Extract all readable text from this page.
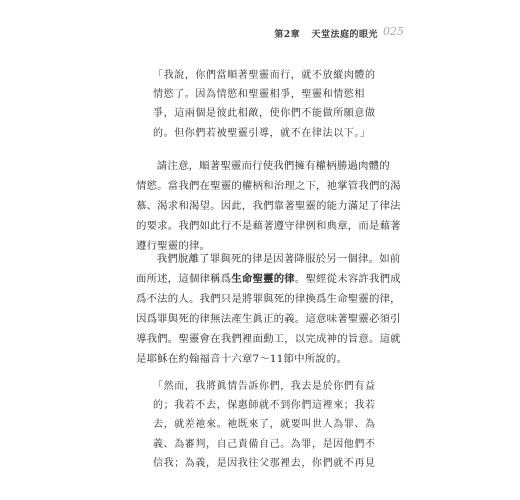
第2章 天堂法庭的眼光 025
「我說，你們當順著聖靈而行，就不放縱肉體的
情慾了。因為情慾和聖靈相爭，聖靈和情慾相
爭，這兩個是彼此相敵，使你們不能做所願意做
的。但你們若被聖靈引導，就不在律法以下。」
請注意，順著聖靈而行使我們擁有權柄勝過肉體的
情慾。當我們在聖靈的權柄和治理之下，祂掌管我們的渴
慕、渴求和渴望。因此，我們靠著聖靈的能力滿足了律法
的要求。我們如此行不是藉著遵守律例和典章，而是藉著
遵行聖靈的律。
我們脫離了罪與死的律是因著降服於另一個律。如前
面所述，這個律稱爲生命聖靈的律。聖經從未容許我們成
爲不法的人。我們只是將罪與死的律換爲生命聖靈的律，
因爲罪與死的律無法產生眞正的義。這意味著聖靈必須引
導我們。聖靈會在我們裡面動工，以完成神的旨意。這就
是耶穌在約翰福音十六章7～11節中所說的。
「然而，我將眞情告訴你們，我去是於你們有益
的；我若不去，保惠師就不到你們這裡來；我若
去，就差祂來。祂既來了，就要叫世人為罪、為
義、為審判，自己責備自己。為罪，是因他們不
信我；為義，是因我往父那裡去，你們就不再見
